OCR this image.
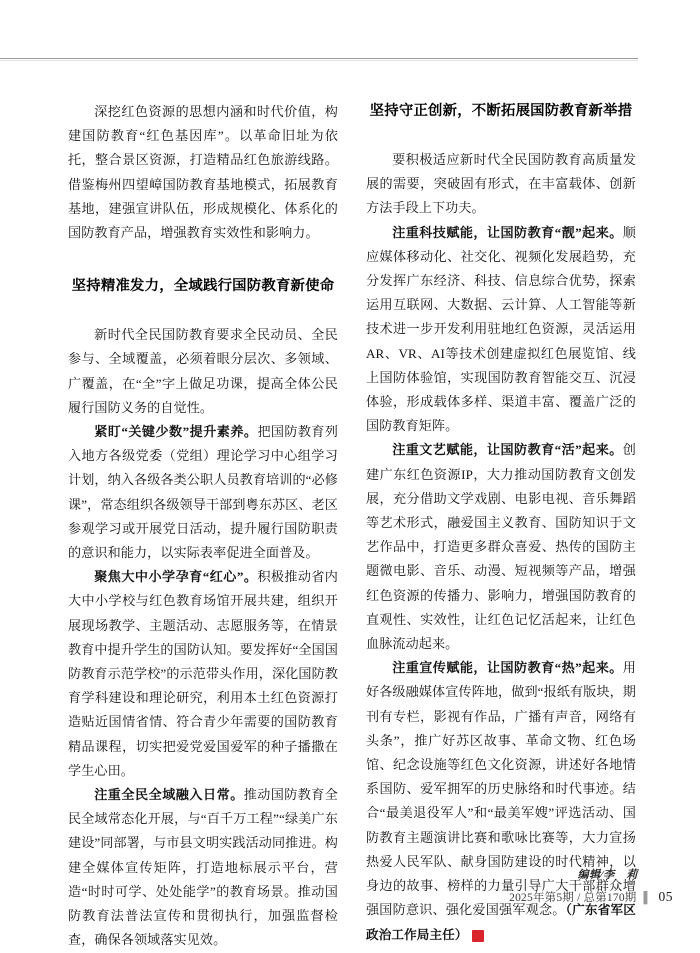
深挖红色资源的思想内涵和时代价值，构建国防教育“红色基因库”。以革命旧址为依托，整合景区资源，打造精品红色旅游线路。借鉴梅州四望嶂国防教育基地模式，拓展教育基地，建强宣讲队伍，形成规模化、体系化的国防教育产品，增强教育实效性和影响力。

坚持精准发力，全域践行国防教育新使命

新时代全民国防教育要求全民动员、全民参与、全域覆盖，必须着眼分层次、多领域、广覆盖，在“全”字上做足功课，提高全体公民履行国防义务的自觉性。

紧盯“关键少数”提升素养。把国防教育列入地方各级党委（党组）理论学习中心组学习计划，纳入各级各类公职人员教育培训的“必修课”，常态组织各级领导干部到粤东苏区、老区参观学习或开展党日活动，提升履行国防职责的意识和能力，以实际表率促进全面普及。

聚焦大中小学孕育“红心”。积极推动省内大中小学校与红色教育场馆开展共建，组织开展现场教学、主题活动、志愿服务等，在情景教育中提升学生的国防认知。要发挥好“全国国防教育示范学校”的示范带头作用，深化国防教育学科建设和理论研究，利用本土红色资源打造贴近国情省情、符合青少年需要的国防教育精品课程，切实把爱党爱国爱军的种子播撒在学生心田。

注重全民全域融入日常。推动国防教育全民全域常态化开展，与“百千万工程”“绿美广东建设”同部署，与市县文明实践活动同推进。构建全媒体宣传矩阵，打造地标展示平台，营造“时时可学、处处能学”的教育场景。推动国防教育法普法宣传和贯彻执行，加强监督检查，确保各领域落实见效。

坚持守正创新，不断拓展国防教育新举措

要积极适应新时代全民国防教育高质量发展的需要，突破固有形式，在丰富载体、创新方法手段上下功夫。

注重科技赋能，让国防教育“靓”起来。顺应媒体移动化、社交化、视频化发展趋势，充分发挥广东经济、科技、信息综合优势，探索运用互联网、大数据、云计算、人工智能等新技术进一步开发利用驻地红色资源，灵活运用AR、VR、AI等技术创建虚拟红色展览馆、线上国防体验馆，实现国防教育智能交互、沉浸体验，形成载体多样、渠道丰富、覆盖广泛的国防教育矩阵。

注重文艺赋能，让国防教育“活”起来。创建广东红色资源IP，大力推动国防教育文创发展，充分借助文学戏剧、电影电视、音乐舞蹈等艺术形式，融爱国主义教育、国防知识于文艺作品中，打造更多群众喜爱、热传的国防主题微电影、音乐、动漫、短视频等产品，增强红色资源的传播力、影响力，增强国防教育的直观性、实效性，让红色记忆活起来，让红色血脉流动起来。

注重宣传赋能，让国防教育“热”起来。用好各级融媒体宣传阵地，做到“报纸有版块，期刊有专栏，影视有作品，广播有声音，网络有头条”，推广好苏区故事、革命文物、红色场馆、纪念设施等红色文化资源，讲述好各地情系国防、爱军拥军的历史脉络和时代事迹。结合“最美退役军人”和“最美军嫂”评选活动、国防教育主题演讲比赛和歌咏比赛等，大力宣扬热爱人民军队、献身国防建设的时代精神，以身边的故事、榜样的力量引导广大干部群众增强国防意识、强化爱国强军观念。（广东省军区政治工作局主任）	G

编辑∕李　莉
2025年第5期 / 总第170期 ▌ 05
